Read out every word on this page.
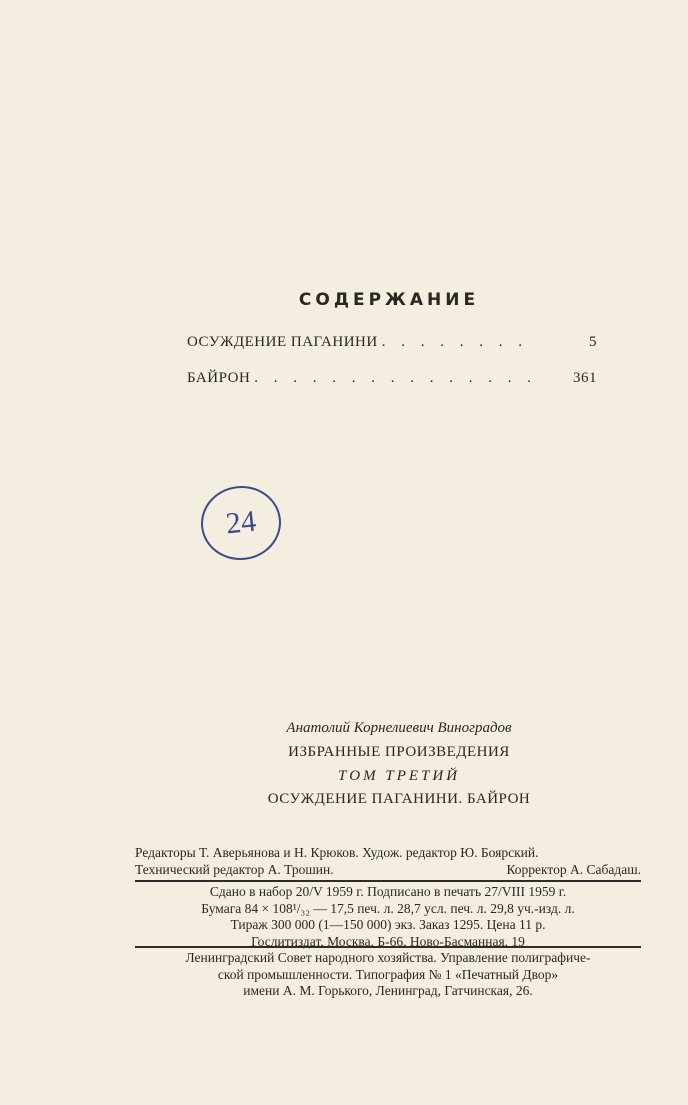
СОДЕРЖАНИЕ
ОСУЖДЕНИЕ ПАГАНИНИ . . . . . . . .	5
БАЙРОН . . . . . . . . . . . . . . .	361
24
Анатолий Корнелиевич Виноградов
ИЗБРАННЫЕ ПРОИЗВЕДЕНИЯ
ТОМ ТРЕТИЙ
ОСУЖДЕНИЕ ПАГАНИНИ. БАЙРОН
Редакторы Т. Аверьянова и Н. Крюков. Худож. редактор Ю. Боярский.
Технический редактор А. Трошин.	Корректор А. Сабадаш.
Сдано в набор 20/V 1959 г. Подписано в печать 27/VIII 1959 г.
Бумага 84 × 108¹/₃₂ — 17,5 печ. л. 28,7 усл. печ. л. 29,8 уч.-изд. л.
Тираж 300 000 (1—150 000) экз. Заказ 1295. Цена 11 р.
Гослитиздат, Москва, Б-66, Ново-Басманная, 19
Ленинградский Совет народного хозяйства. Управление полиграфиче-
ской промышленности. Типография № 1 «Печатный Двор»
имени А. М. Горького, Ленинград, Гатчинская, 26.
